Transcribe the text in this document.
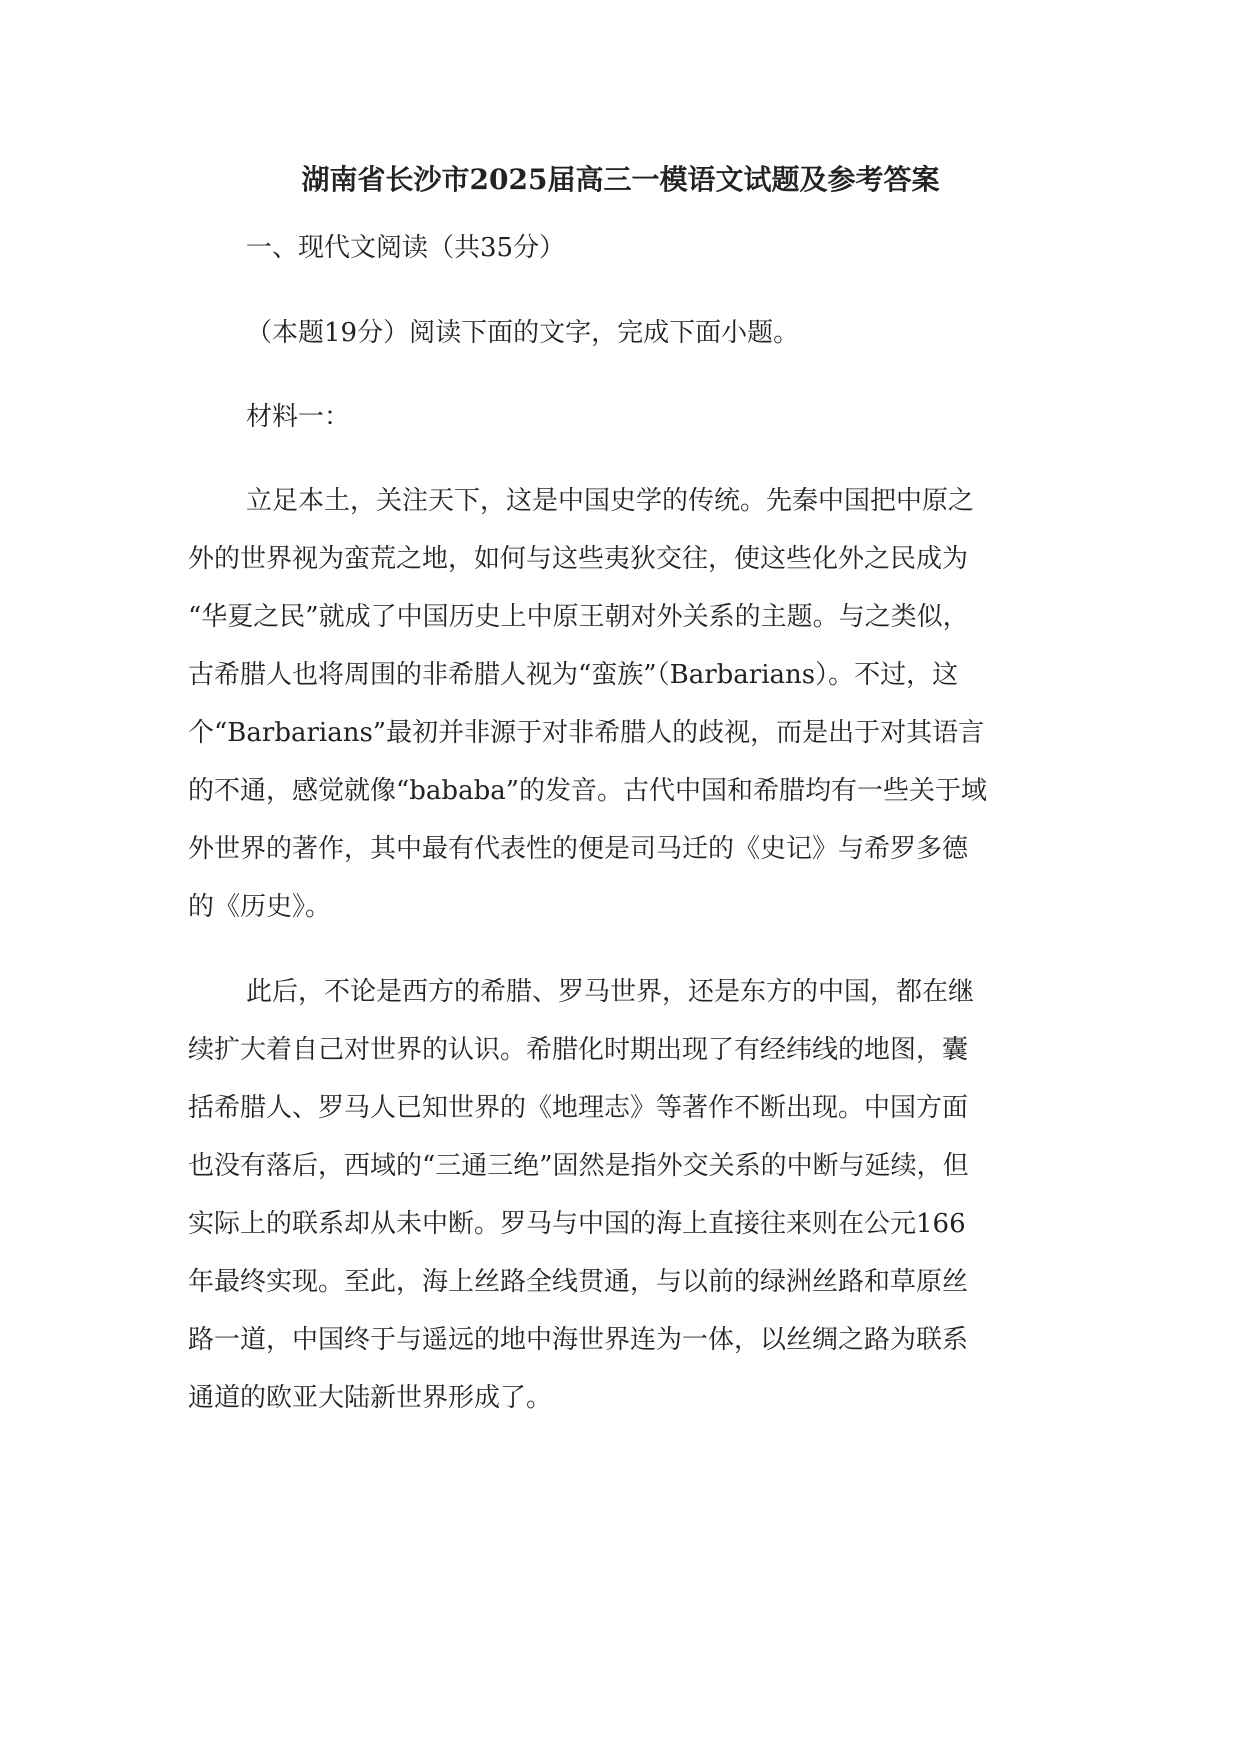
湖南省长沙市2025届高三一模语文试题及参考答案
一、现代文阅读（共35分）
（本题19分）阅读下面的文字，完成下面小题。
材料一：
立足本土，关注天下，这是中国史学的传统。先秦中国把中原之
外的世界视为蛮荒之地，如何与这些夷狄交往，使这些化外之民成为
“华夏之民”就成了中国历史上中原王朝对外关系的主题。与之类似，
古希腊人也将周围的非希腊人视为“蛮族”（Barbarians）。不过，这
个“Barbarians”最初并非源于对非希腊人的歧视，而是出于对其语言
的不通，感觉就像“bababa”的发音。古代中国和希腊均有一些关于域
外世界的著作，其中最有代表性的便是司马迁的《史记》与希罗多德
的《历史》。
此后，不论是西方的希腊、罗马世界，还是东方的中国，都在继
续扩大着自己对世界的认识。希腊化时期出现了有经纬线的地图，囊
括希腊人、罗马人已知世界的《地理志》等著作不断出现。中国方面
也没有落后，西域的“三通三绝”固然是指外交关系的中断与延续，但
实际上的联系却从未中断。罗马与中国的海上直接往来则在公元166
年最终实现。至此，海上丝路全线贯通，与以前的绿洲丝路和草原丝
路一道，中国终于与遥远的地中海世界连为一体，以丝绸之路为联系
通道的欧亚大陆新世界形成了。
